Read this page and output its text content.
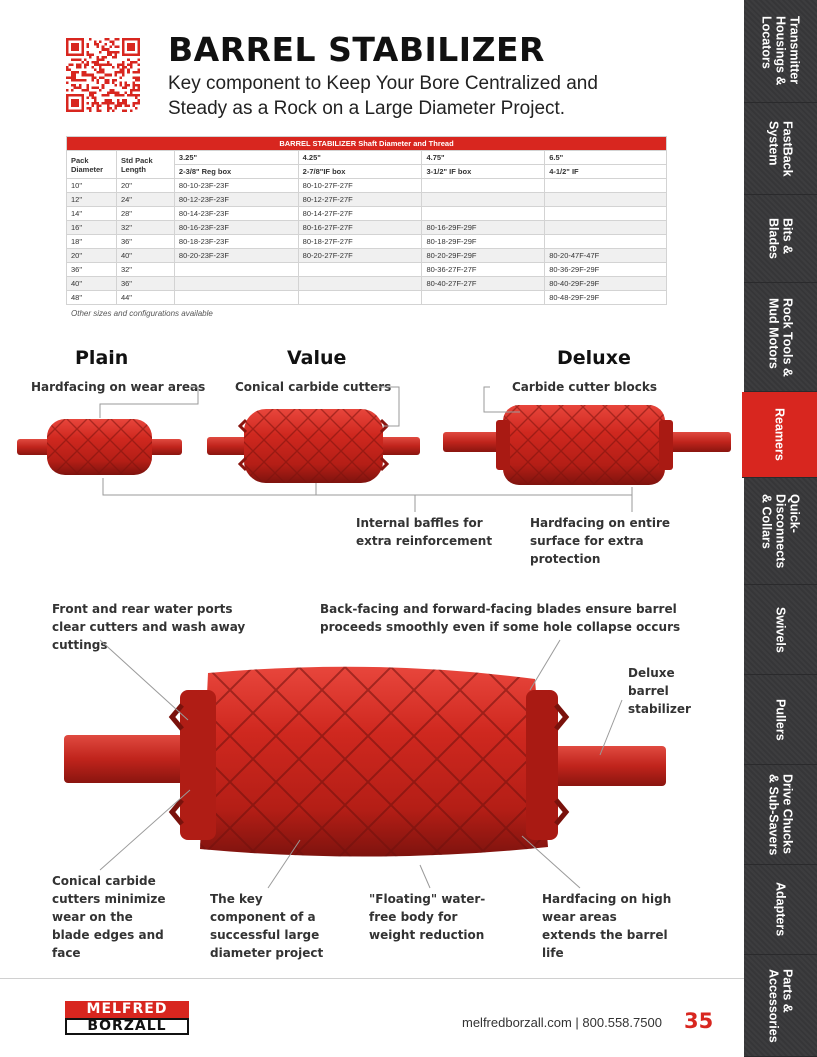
Transmitter
Housings &
Locators
FastBack
System
Bits &
Blades
Rock Tools &
Mud Motors
Reamers
Quick-
Disconnects
& Collars
Swivels
Pullers
Drive Chucks
& Sub-Savers
Adapters
Parts &
Accessories
BARREL STABILIZER
Key component to Keep Your Bore Centralized and Steady as a Rock on a Large Diameter Project.
BARREL STABILIZER Shaft Diameter and Thread					
Pack Diameter	Std Pack Length	3.25"	4.25"	4.75"	6.5"
		2-3/8" Reg box	2-7/8"IF box	3-1/2" IF box	4-1/2" IF
10"	20"	80-10-23F-23F	80-10-27F-27F		
12"	24"	80-12-23F-23F	80-12-27F-27F		
14"	28"	80-14-23F-23F	80-14-27F-27F		
16"	32"	80-16-23F-23F	80-16-27F-27F	80-16-29F-29F	
18"	36"	80-18-23F-23F	80-18-27F-27F	80-18-29F-29F	
20"	40"	80-20-23F-23F	80-20-27F-27F	80-20-29F-29F	80-20-47F-47F
36"	32"			80-36-27F-27F	80-36-29F-29F
40"	36"			80-40-27F-27F	80-40-29F-29F
48"	44"				80-48-29F-29F
Other sizes and configurations available
Plain	Value	Deluxe
Hardfacing on wear areas Conical carbide cutters	Carbide cutter blocks
Internal baffles for extra reinforcement
Hardfacing on entire surface for extra protection
Front and rear water ports clear cutters and wash away cuttings
Back-facing and forward-facing blades ensure barrel proceeds smoothly even if some hole collapse occurs
Deluxe barrel stabilizer
Conical carbide cutters minimize wear on the blade edges and face
The key component of a successful large diameter project
"Floating" water-free body for weight reduction
Hardfacing on high wear areas extends the barrel life
MELFRED
BORZALL	melfredborzall.com | 800.558.7500 35
